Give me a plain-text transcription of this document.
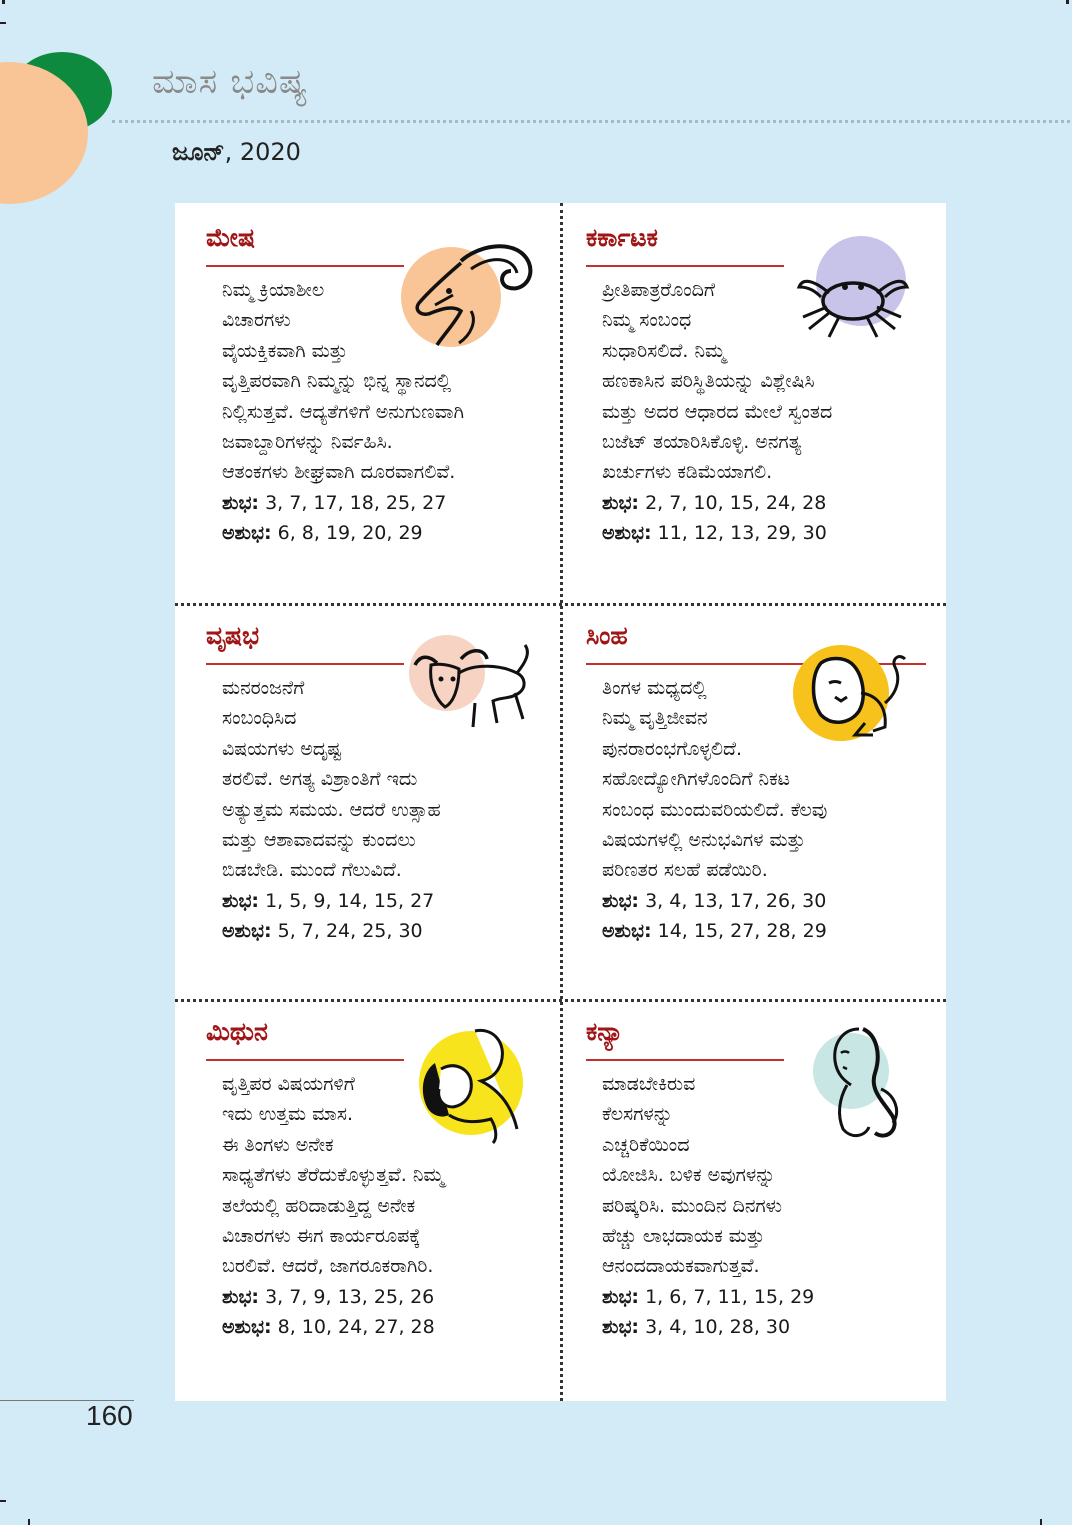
ಮಾಸ ಭವಿಷ್ಯ
ಜೂನ್, 2020
ಮೇಷ

ನಿಮ್ಮ ಕ್ರಿಯಾಶೀಲ

ವಿಚಾರಗಳು

ವೈಯಕ್ತಿಕವಾಗಿ ಮತ್ತು

ವೃತ್ತಿಪರವಾಗಿ ನಿಮ್ಮನ್ನು ಭಿನ್ನ ಸ್ಥಾನದಲ್ಲಿ

ನಿಲ್ಲಿಸುತ್ತವೆ. ಆದ್ಯತೆಗಳಿಗೆ ಅನುಗುಣವಾಗಿ

ಜವಾಬ್ದಾರಿಗಳನ್ನು ನಿರ್ವಹಿಸಿ.

ಆತಂಕಗಳು ಶೀಘ್ರವಾಗಿ ದೂರವಾಗಲಿವೆ.

ಶುಭ: 3, 7, 17, 18, 25, 27

ಅಶುಭ: 6, 8, 19, 20, 29

ಕರ್ಕಾಟಕ

ಪ್ರೀತಿಪಾತ್ರರೊಂದಿಗೆ

ನಿಮ್ಮ ಸಂಬಂಧ

ಸುಧಾರಿಸಲಿದೆ. ನಿಮ್ಮ

ಹಣಕಾಸಿನ ಪರಿಸ್ಥಿತಿಯನ್ನು ವಿಶ್ಲೇಷಿಸಿ

ಮತ್ತು ಅದರ ಆಧಾರದ ಮೇಲೆ ಸ್ವಂತದ

ಬಜೆಟ್ ತಯಾರಿಸಿಕೊಳ್ಳಿ. ಅನಗತ್ಯ

ಖರ್ಚುಗಳು ಕಡಿಮೆಯಾಗಲಿ.

ಶುಭ: 2, 7, 10, 15, 24, 28

ಅಶುಭ: 11, 12, 13, 29, 30

ವೃಷಭ

ಮನರಂಜನೆಗೆ

ಸಂಬಂಧಿಸಿದ

ವಿಷಯಗಳು ಅದೃಷ್ಟ

ತರಲಿವೆ. ಅಗತ್ಯ ವಿಶ್ರಾಂತಿಗೆ ಇದು

ಅತ್ಯುತ್ತಮ ಸಮಯ. ಆದರೆ ಉತ್ಸಾಹ

ಮತ್ತು ಆಶಾವಾದವನ್ನು ಕುಂದಲು

ಬಿಡಬೇಡಿ. ಮುಂದೆ ಗೆಲುವಿದೆ.

ಶುಭ: 1, 5, 9, 14, 15, 27

ಅಶುಭ: 5, 7, 24, 25, 30

ಸಿಂಹ

ತಿಂಗಳ ಮಧ್ಯದಲ್ಲಿ

ನಿಮ್ಮ ವೃತ್ತಿಜೀವನ

ಪುನರಾರಂಭಗೊಳ್ಳಲಿದೆ.

ಸಹೋದ್ಯೋಗಿಗಳೊಂದಿಗೆ ನಿಕಟ

ಸಂಬಂಧ ಮುಂದುವರಿಯಲಿದೆ. ಕೆಲವು

ವಿಷಯಗಳಲ್ಲಿ ಅನುಭವಿಗಳ ಮತ್ತು

ಪರಿಣತರ ಸಲಹೆ ಪಡೆಯಿರಿ.

ಶುಭ: 3, 4, 13, 17, 26, 30

ಅಶುಭ: 14, 15, 27, 28, 29

ಮಿಥುನ

ವೃತ್ತಿಪರ ವಿಷಯಗಳಿಗೆ

ಇದು ಉತ್ತಮ ಮಾಸ.

ಈ ತಿಂಗಳು ಅನೇಕ

ಸಾಧ್ಯತೆಗಳು ತೆರೆದುಕೊಳ್ಳುತ್ತವೆ. ನಿಮ್ಮ

ತಲೆಯಲ್ಲಿ ಹರಿದಾಡುತ್ತಿದ್ದ ಅನೇಕ

ವಿಚಾರಗಳು ಈಗ ಕಾರ್ಯರೂಪಕ್ಕೆ

ಬರಲಿವೆ. ಆದರೆ, ಜಾಗರೂಕರಾಗಿರಿ.

ಶುಭ: 3, 7, 9, 13, 25, 26

ಅಶುಭ: 8, 10, 24, 27, 28

ಕನ್ಯಾ

ಮಾಡಬೇಕಿರುವ

ಕೆಲಸಗಳನ್ನು

ಎಚ್ಚರಿಕೆಯಿಂದ

ಯೋಜಿಸಿ. ಬಳಿಕ ಅವುಗಳನ್ನು

ಪರಿಷ್ಕರಿಸಿ. ಮುಂದಿನ ದಿನಗಳು

ಹೆಚ್ಚು ಲಾಭದಾಯಕ ಮತ್ತು

ಆನಂದದಾಯಕವಾಗುತ್ತವೆ.

ಶುಭ: 1, 6, 7, 11, 15, 29

ಶುಭ: 3, 4, 10, 28, 30

160
